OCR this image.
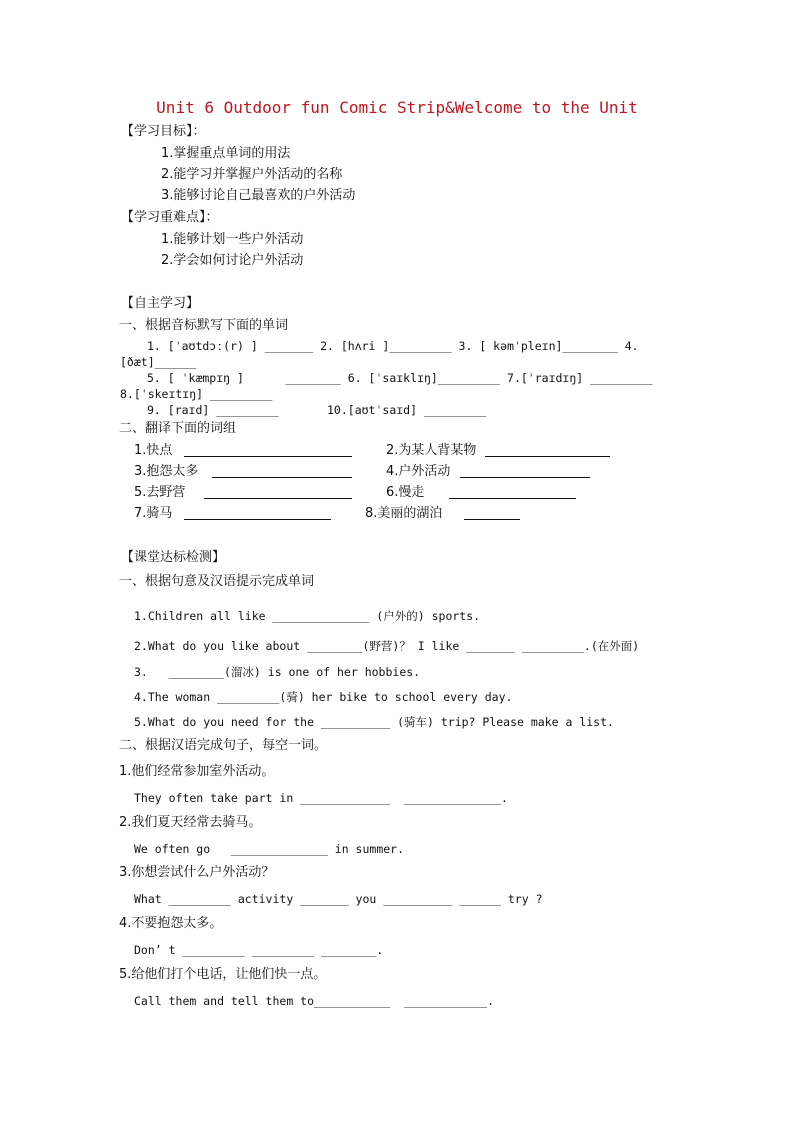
Unit 6 Outdoor fun Comic Strip&Welcome to the Unit
【学习目标】：
1.掌握重点单词的用法
2.能学习并掌握户外活动的名称
3.能够讨论自己最喜欢的户外活动
【学习重难点】：
1.能够计划一些户外活动
2.学会如何讨论户外活动
【自主学习】
一、根据音标默写下面的单词
1. [ˈaʊtdɔː(r) ] _______ 2. [hʌri ]_________ 3. [ kəmˈpleɪn]________ 4.
[ðæt]______
5. [ ˈkæmpɪŋ ]      ________ 6. [ˈsaɪklɪŋ]_________ 7.[ˈraɪdɪŋ] _________
8.[ˈskeɪtɪŋ] _________
9. [raɪd] _________       10.[aʊtˈsaɪd] _________
二、翻译下面的词组
1.快点	2.为某人背某物
3.抱怨太多	4.户外活动
5.去野营	6.慢走
7.骑马	8.美丽的湖泊
【课堂达标检测】
一、根据句意及汉语提示完成单词
1.Children all like ______________ (户外的) sports.
2.What do you like about ________(野营)？ I like _______ _________.(在外面)
3.   ________(溜冰) is one of her hobbies.
4.The woman _________(骑) her bike to school every day.
5.What do you need for the __________ (骑车) trip? Please make a list.
二、根据汉语完成句子，每空一词。
1.他们经常参加室外活动。
They often take part in _____________  ______________.
2.我们夏天经常去骑马。
We often go   ______________ in summer.
3.你想尝试什么户外活动？
What _________ activity _______ you __________ ______ try ?
4.不要抱怨太多。
Don’ t _________ _________ ________.
5.给他们打个电话，让他们快一点。
Call them and tell them to___________  ____________.
